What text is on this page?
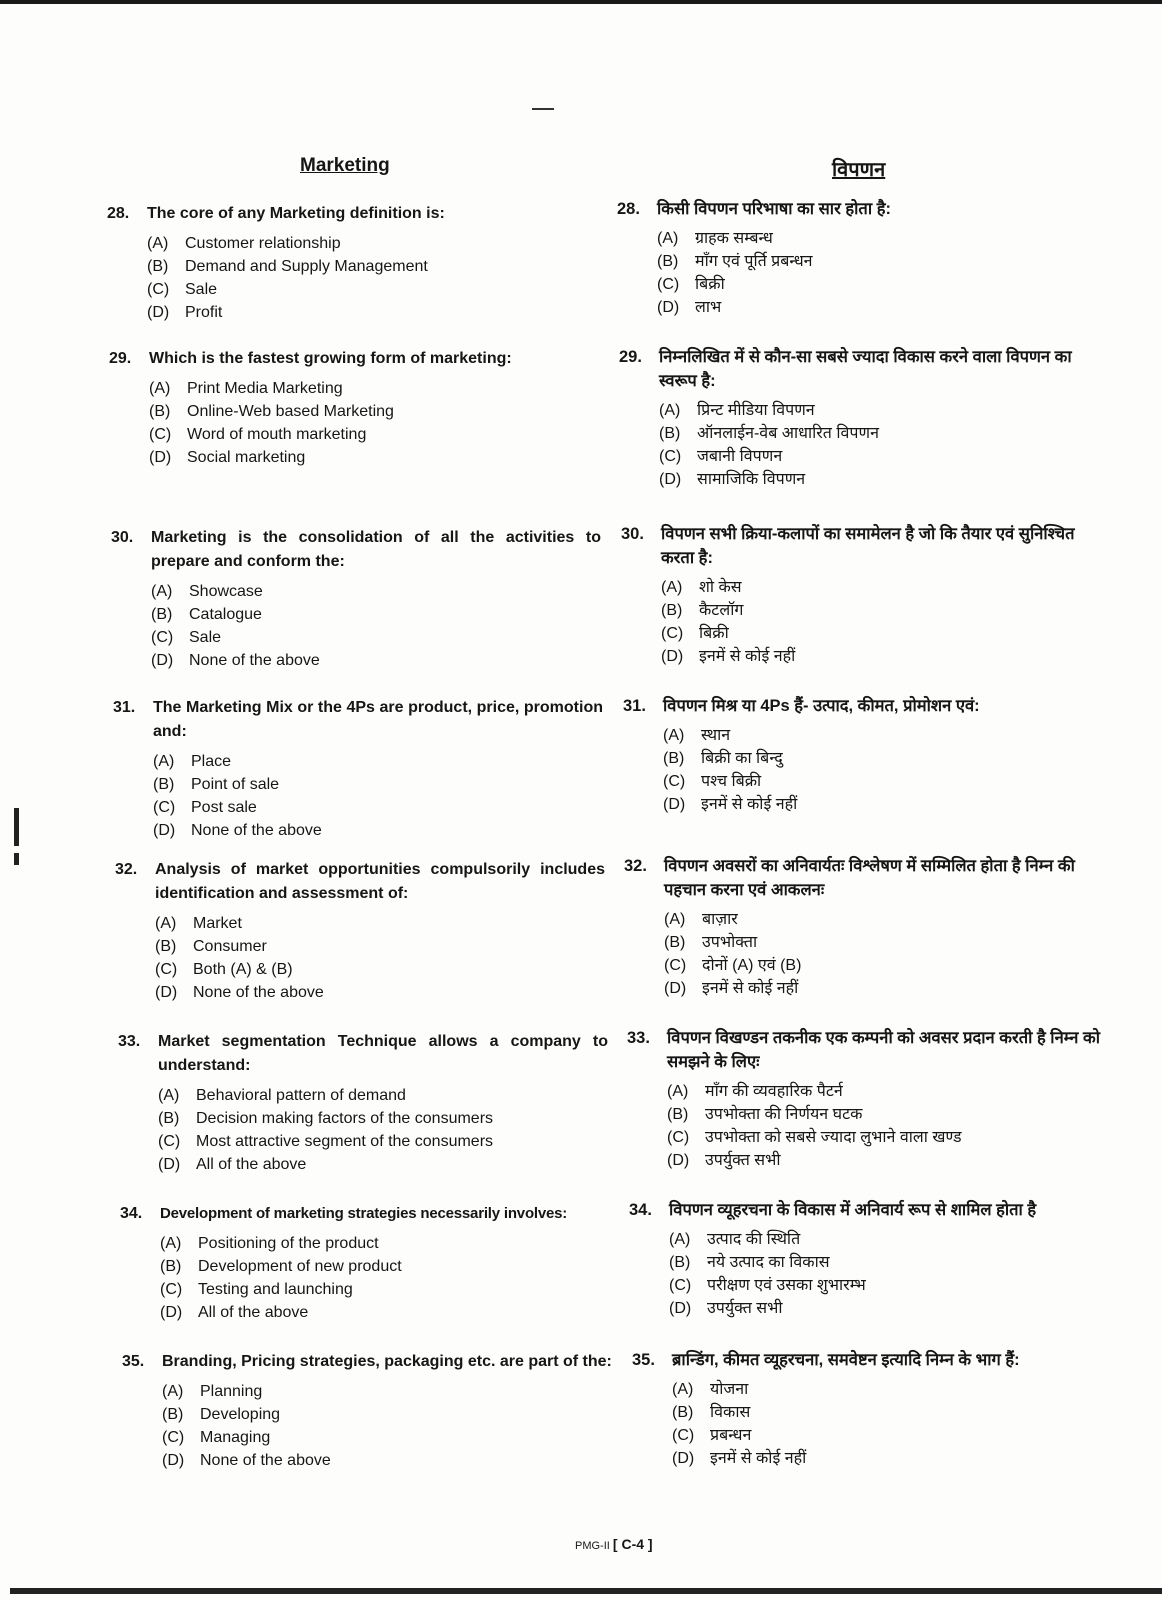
Marketing	विपणन
28.	The core of any Marketing definition is:
(A)	Customer relationship
(B)	Demand and Supply Management
(C) Sale
(D) Profit
28.	किसी विपणन परिभाषा का सार होता है:
(A)	ग्राहक सम्बन्ध
(B)	माँग एवं पूर्ति प्रबन्धन
(C) बिक्री
(D) लाभ
29.	Which is the fastest growing form of marketing:
(A)	Print Media Marketing
(B)	Online-Web based Marketing
(C) Word of mouth marketing
(D) Social marketing
29.	निम्नलिखित में से कौन-सा सबसे ज्यादा विकास करने वाला विपणन का स्वरूप है:
(A)	प्रिन्ट मीडिया विपणन
(B)	ऑनलाईन-वेब आधारित विपणन
(C) जबानी विपणन
(D) सामाजिकि विपणन
30.	Marketing is the consolidation of all the activities to prepare and conform the:
(A)	Showcase
(B)	Catalogue
(C) Sale
(D) None of the above
30.	विपणन सभी क्रिया-कलापों का समामेलन है जो कि तैयार एवं सुनिश्चित करता है:
(A)	शो केस
(B)	कैटलॉग
(C) बिक्री
(D) इनमें से कोई नहीं
31.	The Marketing Mix or the 4Ps are product, price, promotion and:
(A)	Place
(B)	Point of sale
(C) Post sale
(D) None of the above
31.	विपणन मिश्र या 4Ps हैं- उत्पाद, कीमत, प्रोमोशन एवं:
(A)	स्थान
(B)	बिक्री का बिन्दु
(C) पश्च बिक्री
(D) इनमें से कोई नहीं
32.	Analysis of market opportunities compulsorily includes identification and assessment of:
(A)	Market
(B)	Consumer
(C) Both (A) & (B)
(D) None of the above
32.	विपणन अवसरों का अनिवार्यतः विश्लेषण में सम्मिलित होता है निम्न की पहचान करना एवं आकलनः
(A)	बाज़ार
(B)	उपभोक्ता
(C) दोनों (A) एवं (B)
(D) इनमें से कोई नहीं
33.	Market segmentation Technique allows a company to understand:
(A)	Behavioral pattern of demand
(B)	Decision making factors of the consumers
(C) Most attractive segment of the consumers
(D) All of the above
33.	विपणन विखण्डन तकनीक एक कम्पनी को अवसर प्रदान करती है निम्न को समझने के लिएः
(A)	माँग की व्यवहारिक पैटर्न
(B)	उपभोक्ता की निर्णयन घटक
(C) उपभोक्ता को सबसे ज्यादा लुभाने वाला खण्ड
(D) उपर्युक्त सभी
34.	Development of marketing strategies necessarily involves:
(A)	Positioning of the product
(B)	Development of new product
(C) Testing and launching
(D) All of the above
34.	विपणन व्यूहरचना के विकास में अनिवार्य रूप से शामिल होता है
(A)	उत्पाद की स्थिति
(B)	नये उत्पाद का विकास
(C) परीक्षण एवं उसका शुभारम्भ
(D) उपर्युक्त सभी
35.	Branding, Pricing strategies, packaging etc. are part of the:
(A)	Planning
(B)	Developing
(C) Managing
(D) None of the above
35.	ब्रान्डिंग, कीमत व्यूहरचना, समवेष्टन इत्यादि निम्न के भाग हैं:
(A)	योजना
(B)	विकास
(C) प्रबन्धन
(D) इनमें से कोई नहीं
PMG-II [ C-4 ]
